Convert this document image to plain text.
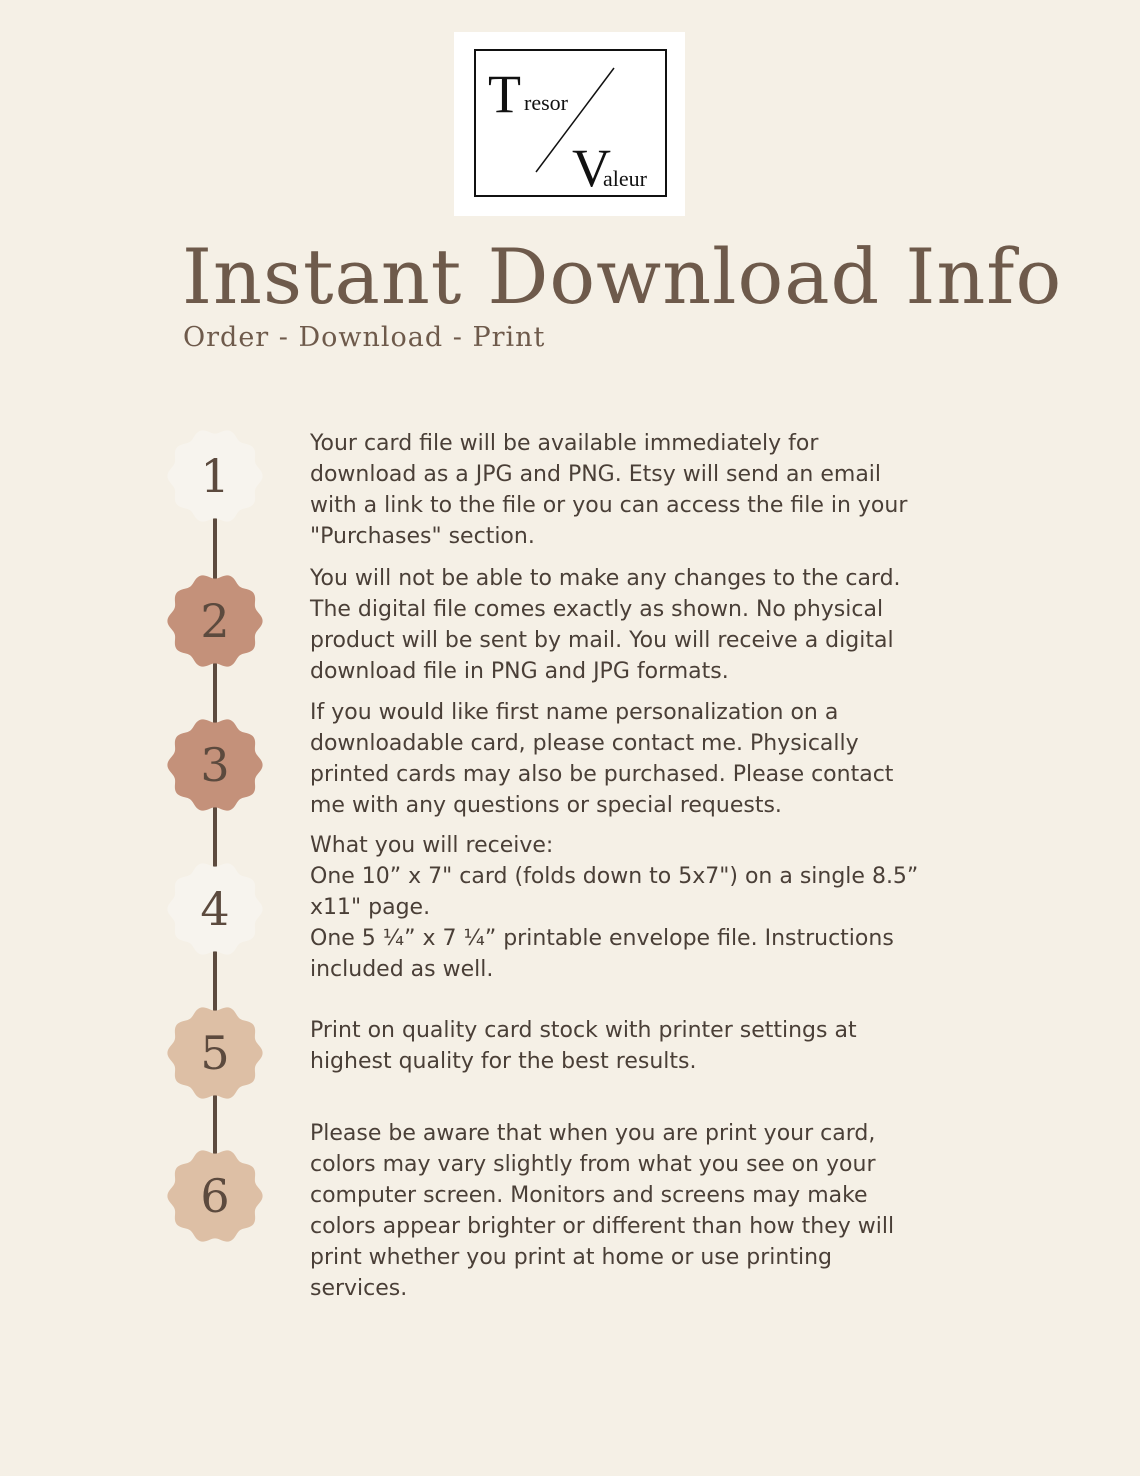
T resor
V
aleur
Instant Download Info
Order - Download - Print
1
2
3
4
5
6

Your card file will be available immediately for
download as a JPG and PNG. Etsy will send an email
with a link to the file or you can access the file in your
"Purchases" section.

You will not be able to make any changes to the card.
The digital file comes exactly as shown. No physical
product will be sent by mail. You will receive a digital
download file in PNG and JPG formats.

If you would like first name personalization on a
downloadable card, please contact me. Physically
printed cards may also be purchased. Please contact
me with any questions or special requests.

What you will receive:
One 10” x 7" card (folds down to 5x7") on a single 8.5”
x11" page.
One 5 ¼” x 7 ¼” printable envelope file. Instructions
included as well.

Print on quality card stock with printer settings at
highest quality for the best results.

Please be aware that when you are print your card,
colors may vary slightly from what you see on your
computer screen. Monitors and screens may make
colors appear brighter or different than how they will
print whether you print at home or use printing
services.
